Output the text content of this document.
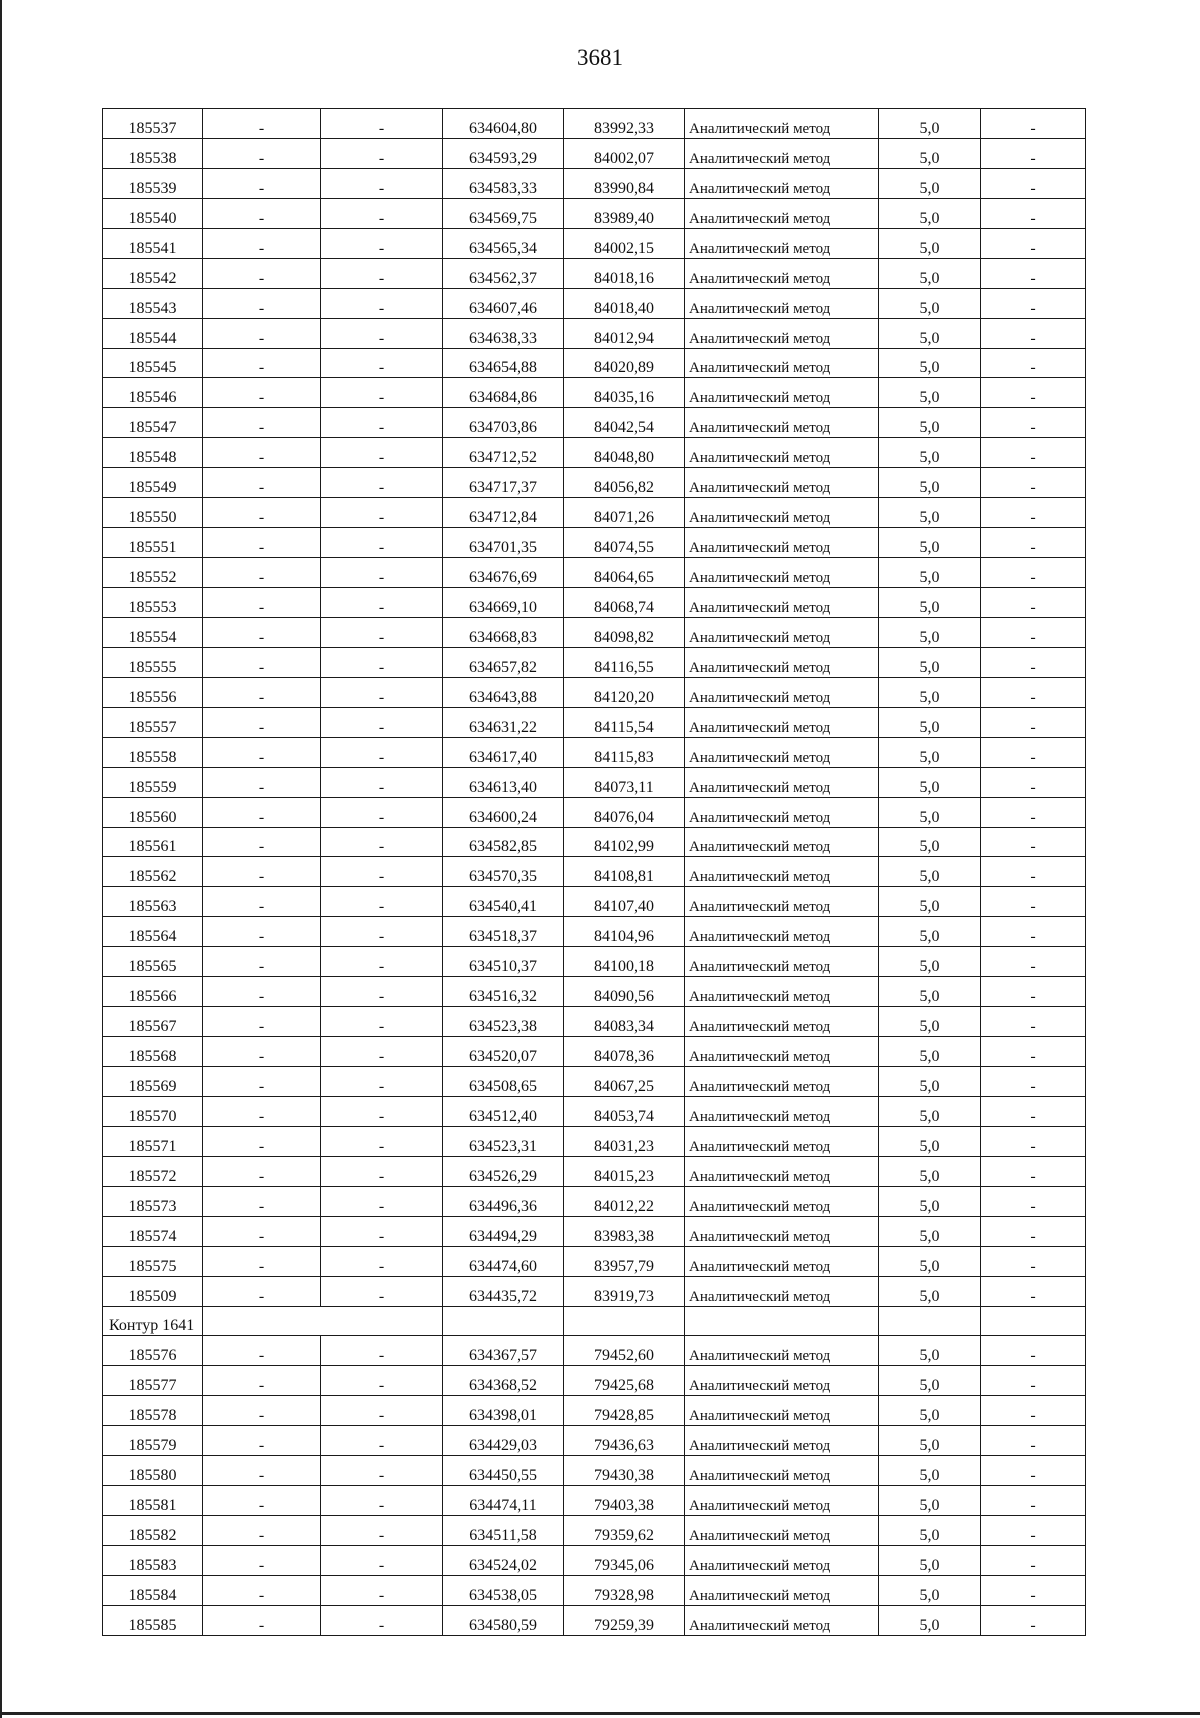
3681
185537	-	-	634604,80	83992,33	Аналитический метод	5,0	-
185538	-	-	634593,29	84002,07	Аналитический метод	5,0	-
185539	-	-	634583,33	83990,84	Аналитический метод	5,0	-
185540	-	-	634569,75	83989,40	Аналитический метод	5,0	-
185541	-	-	634565,34	84002,15	Аналитический метод	5,0	-
185542	-	-	634562,37	84018,16	Аналитический метод	5,0	-
185543	-	-	634607,46	84018,40	Аналитический метод	5,0	-
185544	-	-	634638,33	84012,94	Аналитический метод	5,0	-
185545	-	-	634654,88	84020,89	Аналитический метод	5,0	-
185546	-	-	634684,86	84035,16	Аналитический метод	5,0	-
185547	-	-	634703,86	84042,54	Аналитический метод	5,0	-
185548	-	-	634712,52	84048,80	Аналитический метод	5,0	-
185549	-	-	634717,37	84056,82	Аналитический метод	5,0	-
185550	-	-	634712,84	84071,26	Аналитический метод	5,0	-
185551	-	-	634701,35	84074,55	Аналитический метод	5,0	-
185552	-	-	634676,69	84064,65	Аналитический метод	5,0	-
185553	-	-	634669,10	84068,74	Аналитический метод	5,0	-
185554	-	-	634668,83	84098,82	Аналитический метод	5,0	-
185555	-	-	634657,82	84116,55	Аналитический метод	5,0	-
185556	-	-	634643,88	84120,20	Аналитический метод	5,0	-
185557	-	-	634631,22	84115,54	Аналитический метод	5,0	-
185558	-	-	634617,40	84115,83	Аналитический метод	5,0	-
185559	-	-	634613,40	84073,11	Аналитический метод	5,0	-
185560	-	-	634600,24	84076,04	Аналитический метод	5,0	-
185561	-	-	634582,85	84102,99	Аналитический метод	5,0	-
185562	-	-	634570,35	84108,81	Аналитический метод	5,0	-
185563	-	-	634540,41	84107,40	Аналитический метод	5,0	-
185564	-	-	634518,37	84104,96	Аналитический метод	5,0	-
185565	-	-	634510,37	84100,18	Аналитический метод	5,0	-
185566	-	-	634516,32	84090,56	Аналитический метод	5,0	-
185567	-	-	634523,38	84083,34	Аналитический метод	5,0	-
185568	-	-	634520,07	84078,36	Аналитический метод	5,0	-
185569	-	-	634508,65	84067,25	Аналитический метод	5,0	-
185570	-	-	634512,40	84053,74	Аналитический метод	5,0	-
185571	-	-	634523,31	84031,23	Аналитический метод	5,0	-
185572	-	-	634526,29	84015,23	Аналитический метод	5,0	-
185573	-	-	634496,36	84012,22	Аналитический метод	5,0	-
185574	-	-	634494,29	83983,38	Аналитический метод	5,0	-
185575	-	-	634474,60	83957,79	Аналитический метод	5,0	-
185509	-	-	634435,72	83919,73	Аналитический метод	5,0	-
Контур 1641							
185576	-	-	634367,57	79452,60	Аналитический метод	5,0	-
185577	-	-	634368,52	79425,68	Аналитический метод	5,0	-
185578	-	-	634398,01	79428,85	Аналитический метод	5,0	-
185579	-	-	634429,03	79436,63	Аналитический метод	5,0	-
185580	-	-	634450,55	79430,38	Аналитический метод	5,0	-
185581	-	-	634474,11	79403,38	Аналитический метод	5,0	-
185582	-	-	634511,58	79359,62	Аналитический метод	5,0	-
185583	-	-	634524,02	79345,06	Аналитический метод	5,0	-
185584	-	-	634538,05	79328,98	Аналитический метод	5,0	-
185585	-	-	634580,59	79259,39	Аналитический метод	5,0	-
